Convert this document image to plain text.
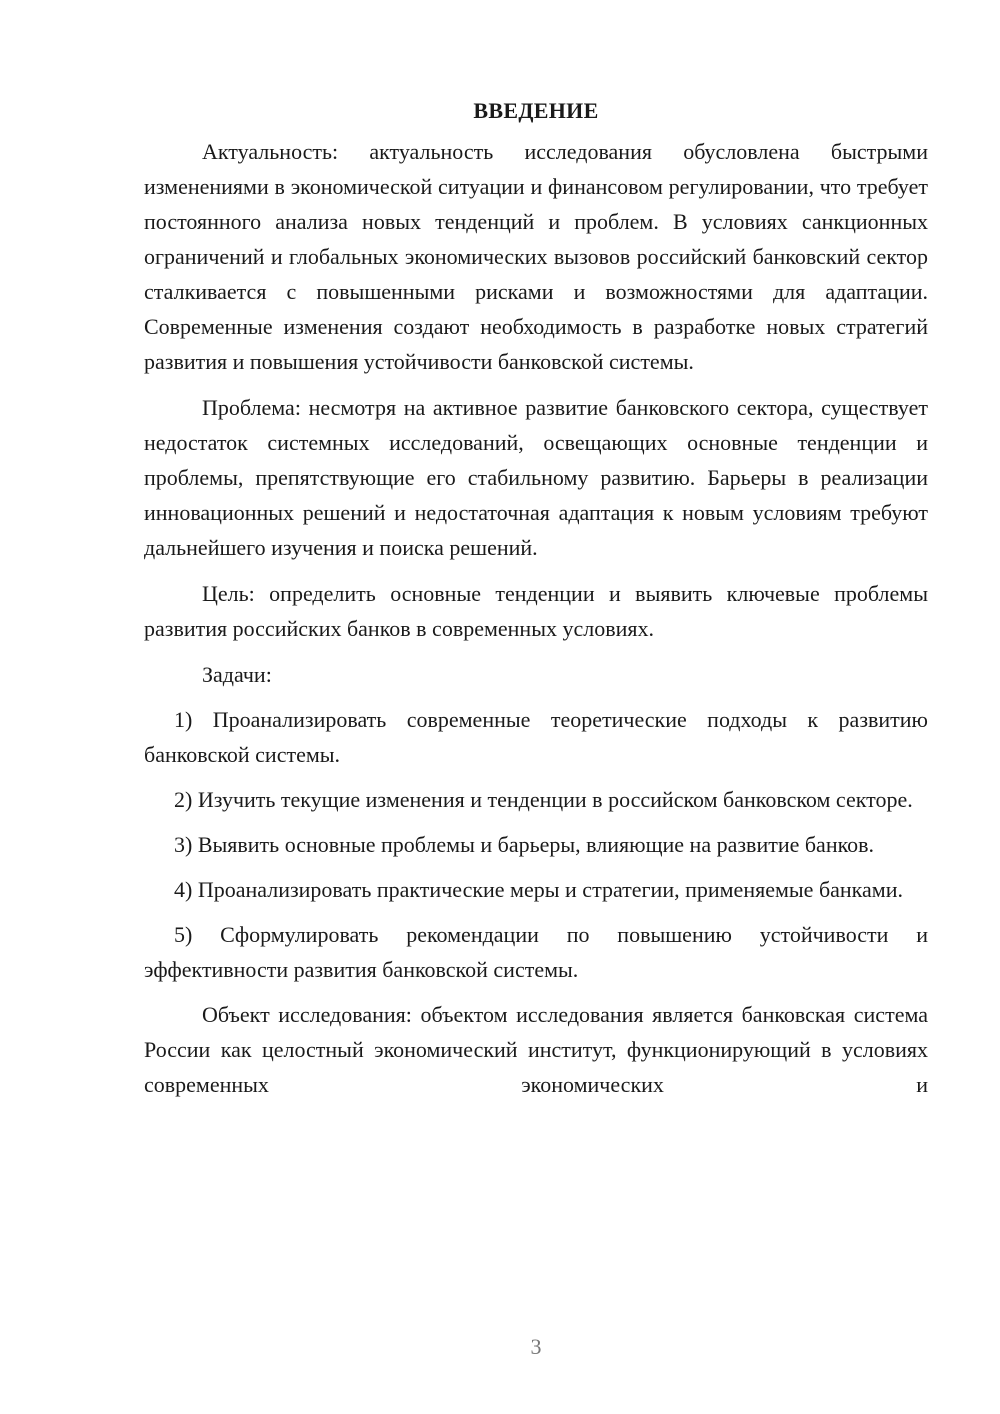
ВВЕДЕНИЕ

Актуальность: актуальность исследования обусловлена быстрыми изменениями в экономической ситуации и финансовом регулировании, что требует постоянного анализа новых тенденций и проблем. В условиях санкционных ограничений и глобальных экономических вызовов российский банковский сектор сталкивается с повышенными рисками и возможностями для адаптации. Современные изменения создают необходимость в разработке новых стратегий развития и повышения устойчивости банковской системы.

Проблема: несмотря на активное развитие банковского сектора, существует недостаток системных исследований, освещающих основные тенденции и проблемы, препятствующие его стабильному развитию. Барьеры в реализации инновационных решений и недостаточная адаптация к новым условиям требуют дальнейшего изучения и поиска решений.

Цель: определить основные тенденции и выявить ключевые проблемы развития российских банков в современных условиях.

Задачи:

1) Проанализировать современные теоретические подходы к развитию банковской системы.

2) Изучить текущие изменения и тенденции в российском банковском секторе.

3) Выявить основные проблемы и барьеры, влияющие на развитие банков.

4) Проанализировать практические меры и стратегии, применяемые банками.

5) Сформулировать рекомендации по повышению устойчивости и эффективности развития банковской системы.

Объект исследования: объектом исследования является банковская система России как целостный экономический институт, функционирующий в условиях современных экономических и

3
